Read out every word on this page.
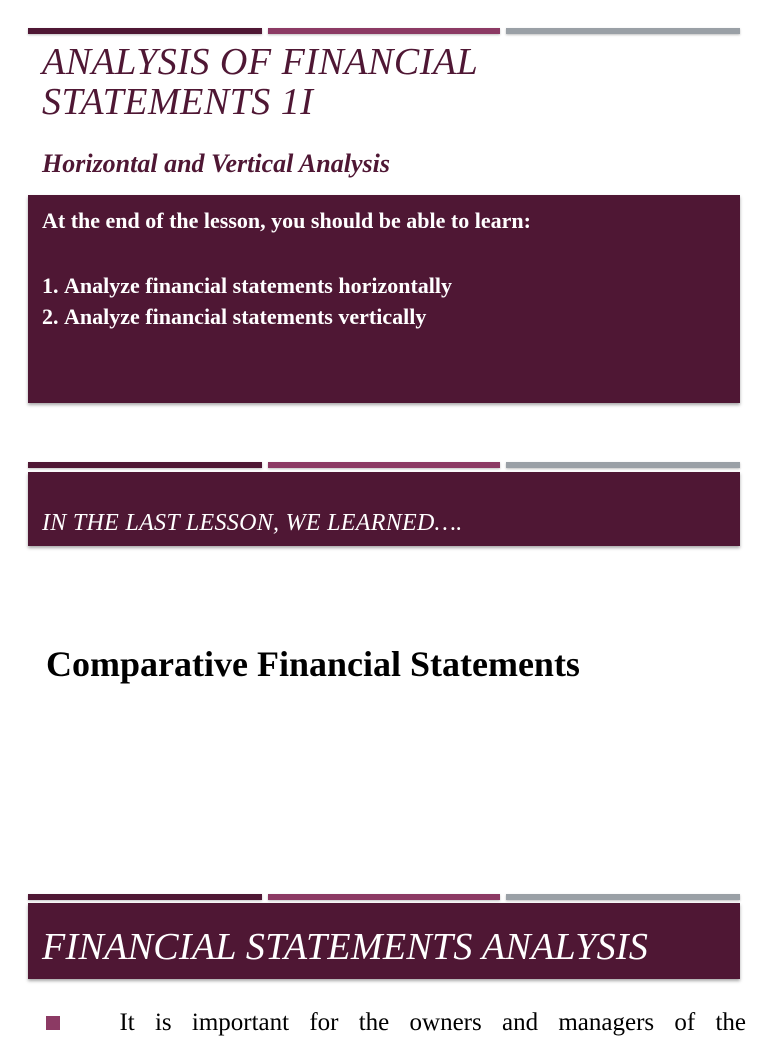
ANALYSIS OF FINANCIAL
STATEMENTS 1I
Horizontal and Vertical Analysis

At the end of the lesson, you should be able to learn:

1. Analyze financial statements horizontally
2. Analyze financial statements vertically

IN THE LAST LESSON, WE LEARNED….

Comparative Financial Statements

FINANCIAL STATEMENTS ANALYSIS

It is important for the owners and managers of the
